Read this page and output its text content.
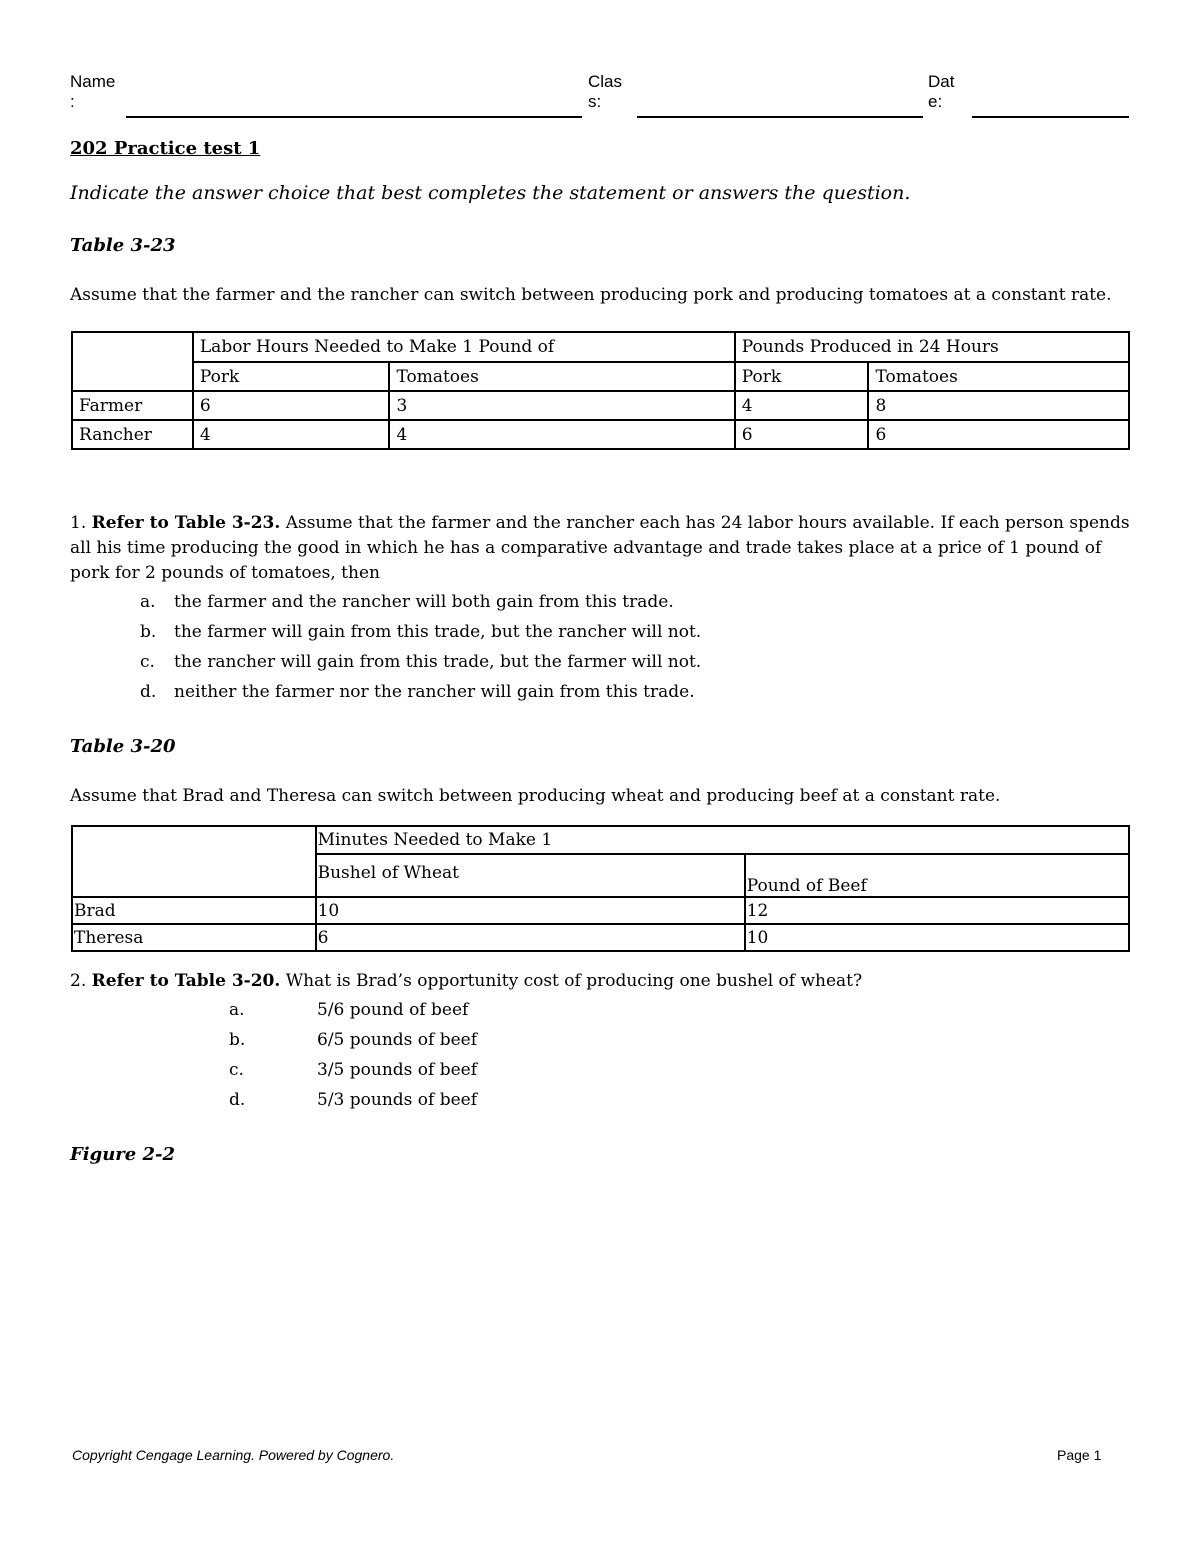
Name
:
Clas
s:
Dat
e:
202 Practice test 1
Indicate the answer choice that best completes the statement or answers the question.
Table 3-23
Assume that the farmer and the rancher can switch between producing pork and producing tomatoes at a constant rate.
	Labor Hours Needed to Make 1 Pound of		Pounds Produced in 24 Hours	
	Pork	Tomatoes	Pork	Tomatoes
Farmer	6	3	4	8
Rancher	4	4	6	6
1. Refer to Table 3-23. Assume that the farmer and the rancher each has 24 labor hours available. If each person spends
all his time producing the good in which he has a comparative advantage and trade takes place at a price of 1 pound of
pork for 2 pounds of tomatoes, then
a. the farmer and the rancher will both gain from this trade.
b. the farmer will gain from this trade, but the rancher will not.
c. the rancher will gain from this trade, but the farmer will not.
d. neither the farmer nor the rancher will gain from this trade.
Table 3-20
Assume that Brad and Theresa can switch between producing wheat and producing beef at a constant rate.
	Minutes Needed to Make 1	
	Bushel of Wheat	Pound of Beef
Brad	10	12
Theresa	6	10
2. Refer to Table 3-20. What is Brad’s opportunity cost of producing one bushel of wheat?
a.	5/6 pound of beef
b.	6/5 pounds of beef
c.	3/5 pounds of beef
d.	5/3 pounds of beef
Figure 2-2
Copyright Cengage Learning. Powered by Cognero.	Page 1
